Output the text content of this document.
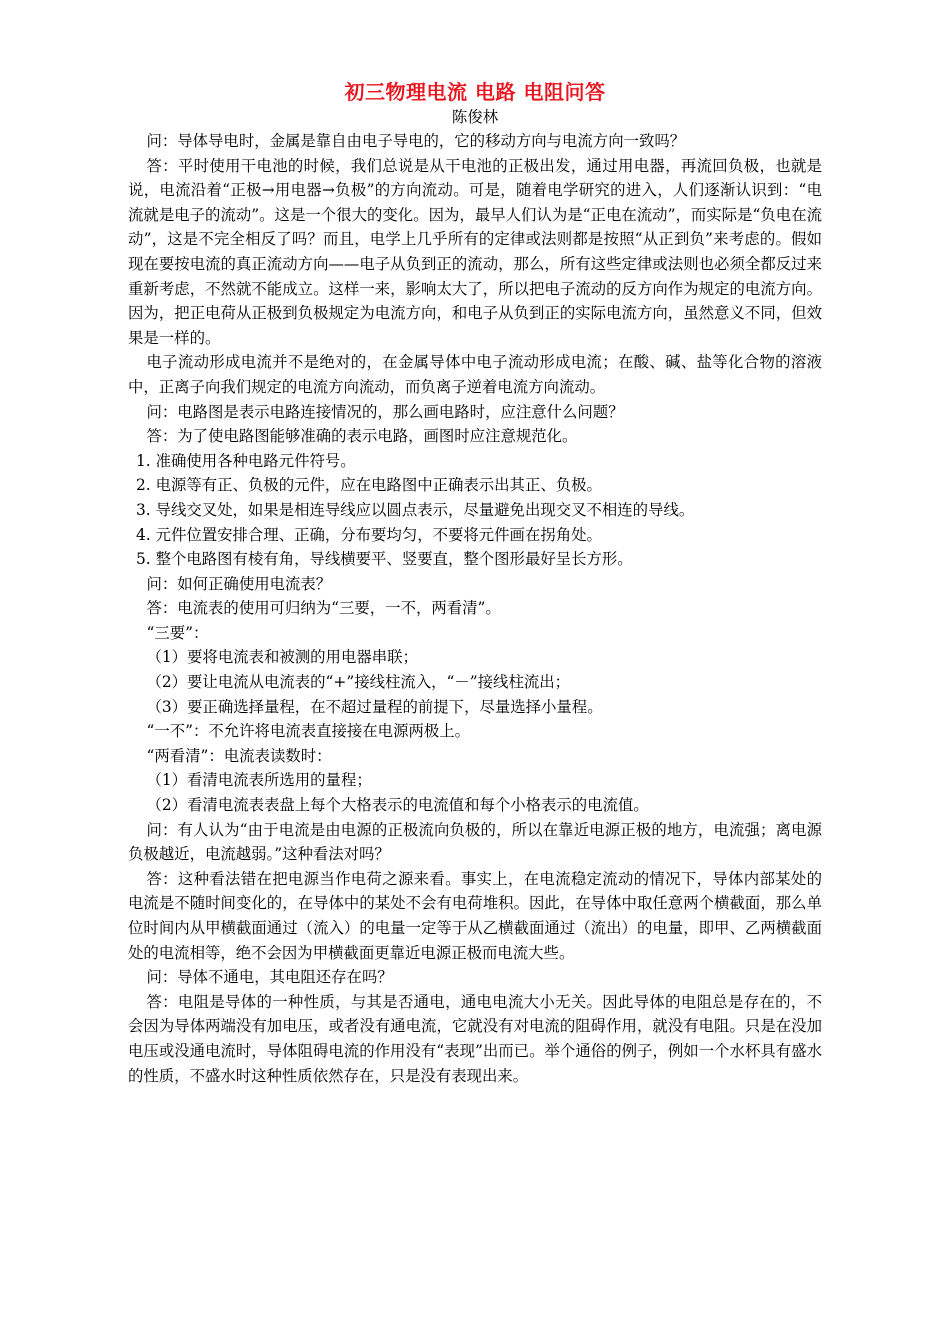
初三物理电流 电路 电阻问答
陈俊林

问：导体导电时，金属是靠自由电子导电的，它的移动方向与电流方向一致吗？

答：平时使用干电池的时候，我们总说是从干电池的正极出发，通过用电器，再流回负极，也就是说，电流沿着“正极→用电器→负极”的方向流动。可是，随着电学研究的进入，人们逐渐认识到：“电流就是电子的流动”。这是一个很大的变化。因为，最早人们认为是“正电在流动”，而实际是“负电在流动”，这是不完全相反了吗？而且，电学上几乎所有的定律或法则都是按照“从正到负”来考虑的。假如现在要按电流的真正流动方向——电子从负到正的流动，那么，所有这些定律或法则也必须全都反过来重新考虑，不然就不能成立。这样一来，影响太大了，所以把电子流动的反方向作为规定的电流方向。因为，把正电荷从正极到负极规定为电流方向，和电子从负到正的实际电流方向，虽然意义不同，但效果是一样的。

电子流动形成电流并不是绝对的，在金属导体中电子流动形成电流；在酸、碱、盐等化合物的溶液中，正离子向我们规定的电流方向流动，而负离子逆着电流方向流动。

问：电路图是表示电路连接情况的，那么画电路时，应注意什么问题？

答：为了使电路图能够准确的表示电路，画图时应注意规范化。

1. 准确使用各种电路元件符号。

2. 电源等有正、负极的元件，应在电路图中正确表示出其正、负极。

3. 导线交叉处，如果是相连导线应以圆点表示，尽量避免出现交叉不相连的导线。

4. 元件位置安排合理、正确，分布要均匀，不要将元件画在拐角处。

5. 整个电路图有棱有角，导线横要平、竖要直，整个图形最好呈长方形。

问：如何正确使用电流表？

答：电流表的使用可归纳为“三要，一不，两看清”。

“三要”：

（1）要将电流表和被测的用电器串联；

（2）要让电流从电流表的“+”接线柱流入，“－”接线柱流出；

（3）要正确选择量程，在不超过量程的前提下，尽量选择小量程。

“一不”：不允许将电流表直接接在电源两极上。

“两看清”：电流表读数时：

（1）看清电流表所选用的量程；

（2）看清电流表表盘上每个大格表示的电流值和每个小格表示的电流值。

问：有人认为“由于电流是由电源的正极流向负极的，所以在靠近电源正极的地方，电流强；离电源负极越近，电流越弱。”这种看法对吗？

答：这种看法错在把电源当作电荷之源来看。事实上，在电流稳定流动的情况下，导体内部某处的电流是不随时间变化的，在导体中的某处不会有电荷堆积。因此，在导体中取任意两个横截面，那么单位时间内从甲横截面通过（流入）的电量一定等于从乙横截面通过（流出）的电量，即甲、乙两横截面处的电流相等，绝不会因为甲横截面更靠近电源正极而电流大些。

问：导体不通电，其电阻还存在吗？

答：电阻是导体的一种性质，与其是否通电，通电电流大小无关。因此导体的电阻总是存在的，不会因为导体两端没有加电压，或者没有通电流，它就没有对电流的阻碍作用，就没有电阻。只是在没加电压或没通电流时，导体阻碍电流的作用没有“表现”出而已。举个通俗的例子，例如一个水杯具有盛水的性质，不盛水时这种性质依然存在，只是没有表现出来。
